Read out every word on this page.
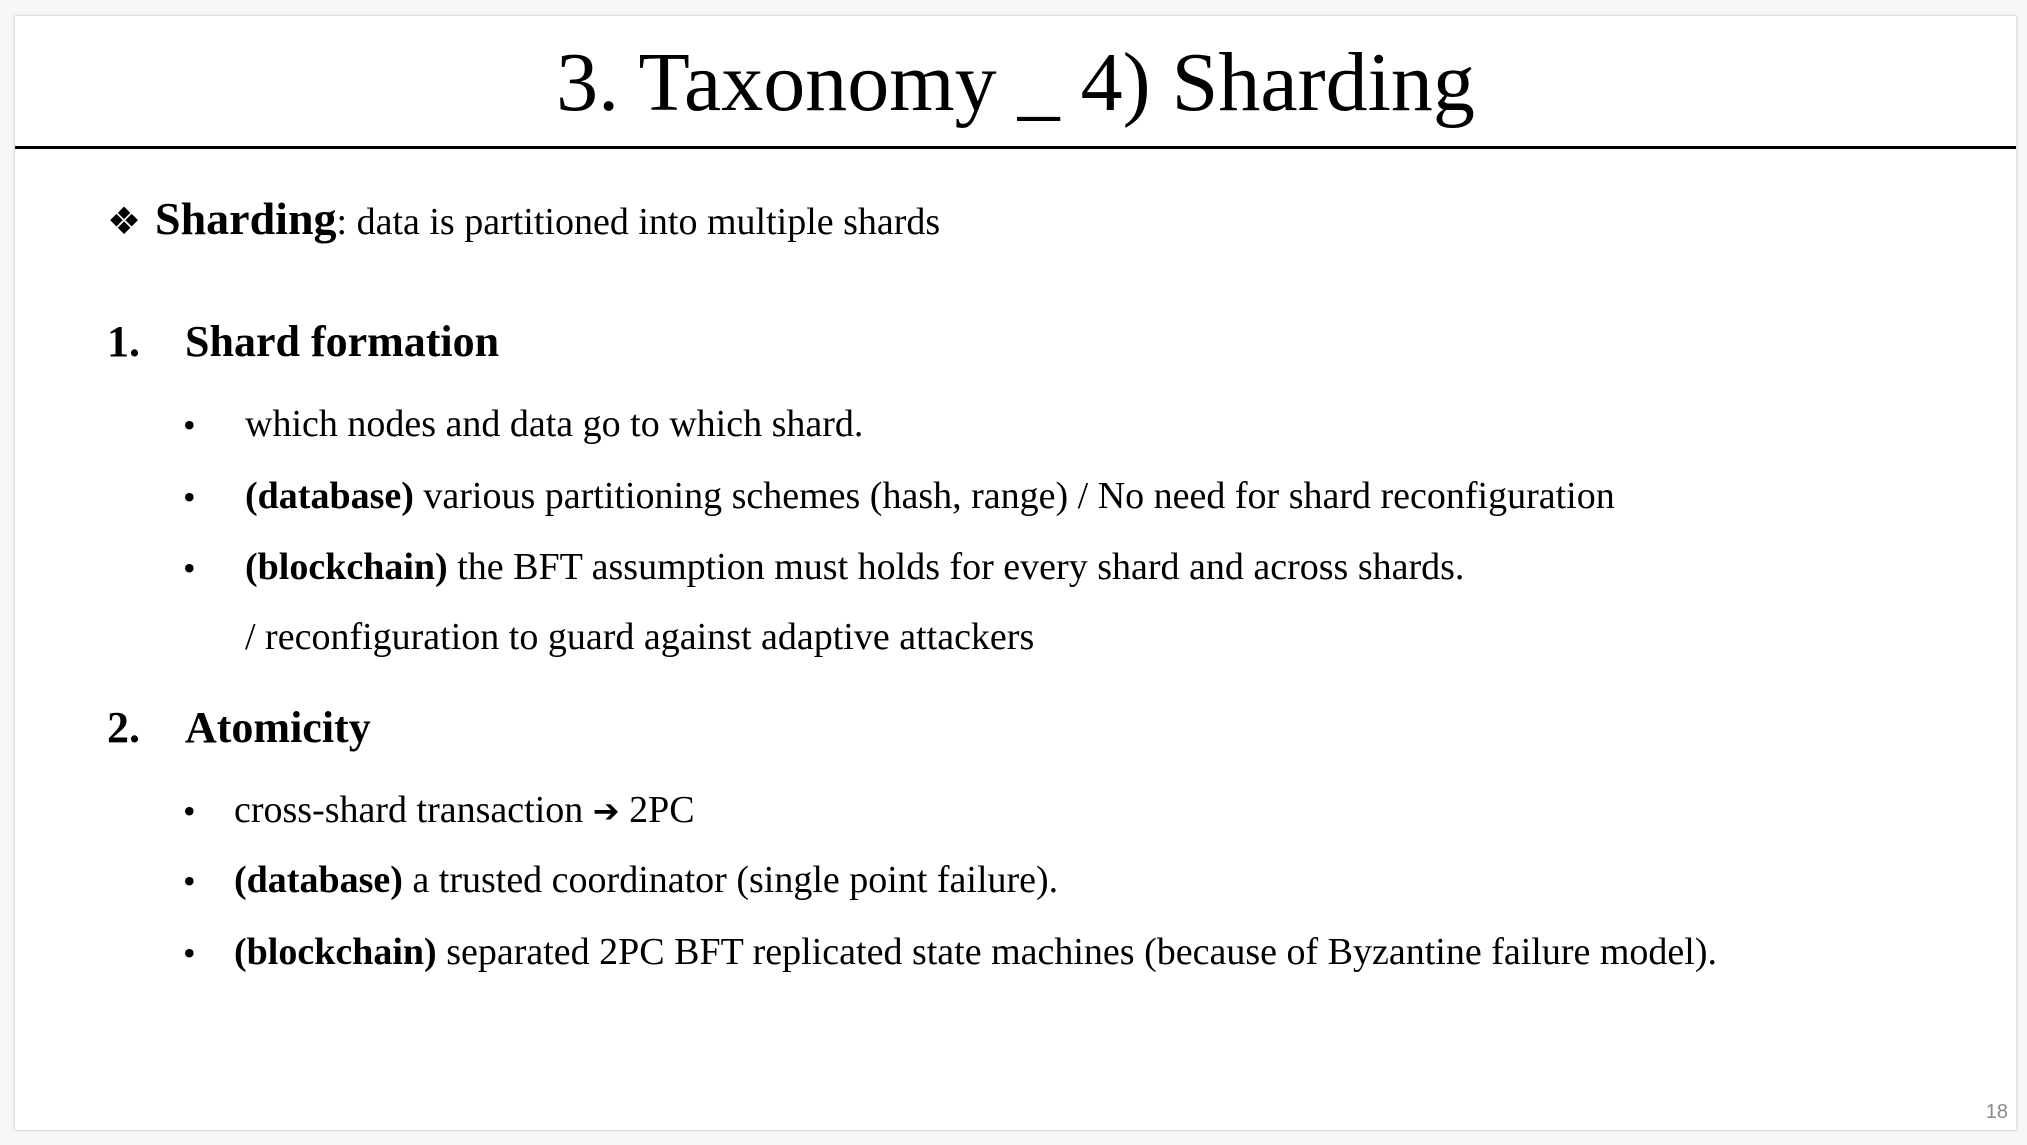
3. Taxonomy _ 4) Sharding
❖ Sharding: data is partitioned into multiple shards
1. Shard formation
• which nodes and data go to which shard.
• (database) various partitioning schemes (hash, range) / No need for shard reconfiguration
• (blockchain) the BFT assumption must holds for every shard and across shards.
/ reconfiguration to guard against adaptive attackers
2. Atomicity
• cross-shard transaction ➔ 2PC
• (database) a trusted coordinator (single point failure).
• (blockchain) separated 2PC BFT replicated state machines (because of Byzantine failure model).
18
